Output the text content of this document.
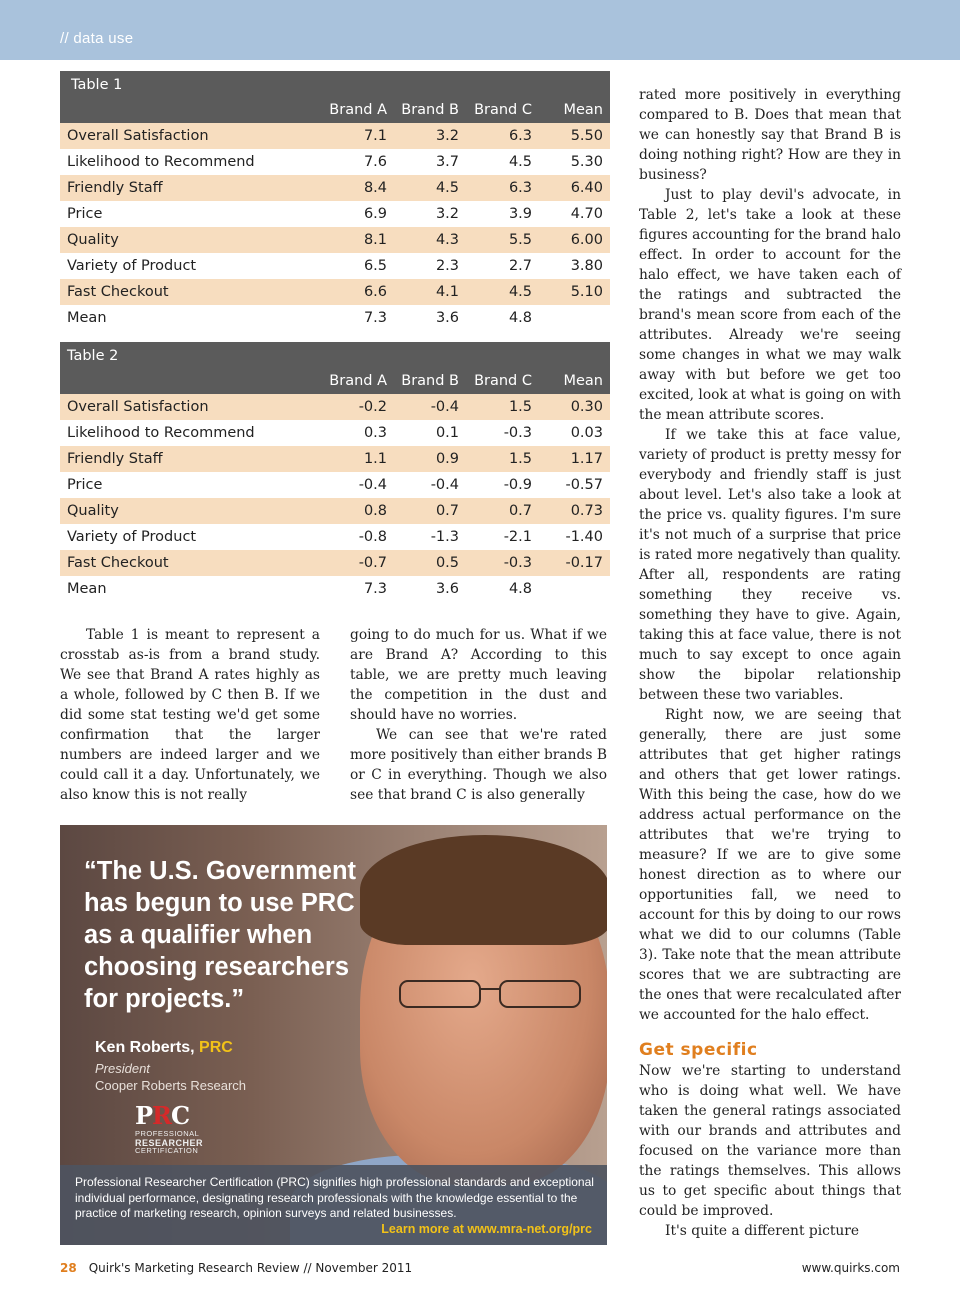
// data use
Table 1
Brand A Brand B Brand C Mean
Overall Satisfaction	7.1	3.2	6.3	5.50
Likelihood to Recommend	7.6	3.7	4.5	5.30
Friendly Staff	8.4	4.5	6.3	6.40
Price	6.9	3.2	3.9	4.70
Quality	8.1	4.3	5.5	6.00
Variety of Product	6.5	2.3	2.7	3.80
Fast Checkout	6.6	4.1	4.5	5.10
Mean	7.3	3.6	4.8
Table 2
Brand A Brand B Brand C Mean
Overall Satisfaction	-0.2	-0.4	1.5	0.30
Likelihood to Recommend	0.3	0.1	-0.3	0.03
Friendly Staff	1.1	0.9	1.5	1.17
Price	-0.4	-0.4	-0.9 -0.57
Quality	0.8	0.7	0.7	0.73
Variety of Product	-0.8	-1.3	-2.1 -1.40
Fast Checkout	-0.7	0.5	-0.3 -0.17
Mean	7.3	3.6	4.8

Table 1 is meant to represent a crosstab as-is from a brand study. We see that Brand A rates highly as a whole, followed by C then B. If we did some stat testing we'd get some confirmation that the larger numbers are indeed larger and we could call it a day. Unfortunately, we also know this is not really

going to do much for us. What if we are Brand A? According to this table, we are pretty much leaving the competition in the dust and should have no worries.

We can see that we're rated more positively than either brands B or C in everything. Though we also see that brand C is also generally

rated more positively in everything compared to B. Does that mean that we can honestly say that Brand B is doing nothing right? How are they in business?

Just to play devil's advocate, in Table 2, let's take a look at these figures accounting for the brand halo effect. In order to account for the halo effect, we have taken each of the ratings and subtracted the brand's mean score from each of the attributes. Already we're seeing some changes in what we may walk away with but before we get too excited, look at what is going on with the mean attribute scores.

If we take this at face value, variety of product is pretty messy for everybody and friendly staff is just about level. Let's also take a look at the price vs. quality figures. I'm sure it's not much of a surprise that price is rated more negatively than quality. After all, respondents are rating something they receive vs. something they have to give. Again, taking this at face value, there is not much to say except to once again show the bipolar relationship between these two variables.

Right now, we are seeing that generally, there are just some attributes that get higher ratings and others that get lower ratings. With this being the case, how do we address actual performance on the attributes that we're trying to measure? If we are to give some honest direction as to where our opportunities fall, we need to account for this by doing to our rows what we did to our columns (Table 3). Take note that the mean attribute scores that we are subtracting are the ones that were recalculated after we accounted for the halo effect.

Get specific

Now we're starting to understand who is doing what well. We have taken the general ratings associated with our brands and attributes and focused on the variance more than the ratings themselves. This allows us to get specific about things that could be improved.

It's quite a different picture

“The U.S. Government has begun to use PRC as a qualifier when choosing researchers for projects.”
Ken Roberts, PRC
President
Cooper Roberts Research
PRC
PROFESSIONAL
RESEARCHER
CERTIFICATION
Professional Researcher Certification (PRC) signifies high professional standards and exceptional individual performance, designating research professionals with the knowledge essential to the practice of marketing research, opinion surveys and related businesses.
Learn more at www.mra-net.org/prc
28 Quirk's Marketing Research Review // November 2011	www.quirks.com
